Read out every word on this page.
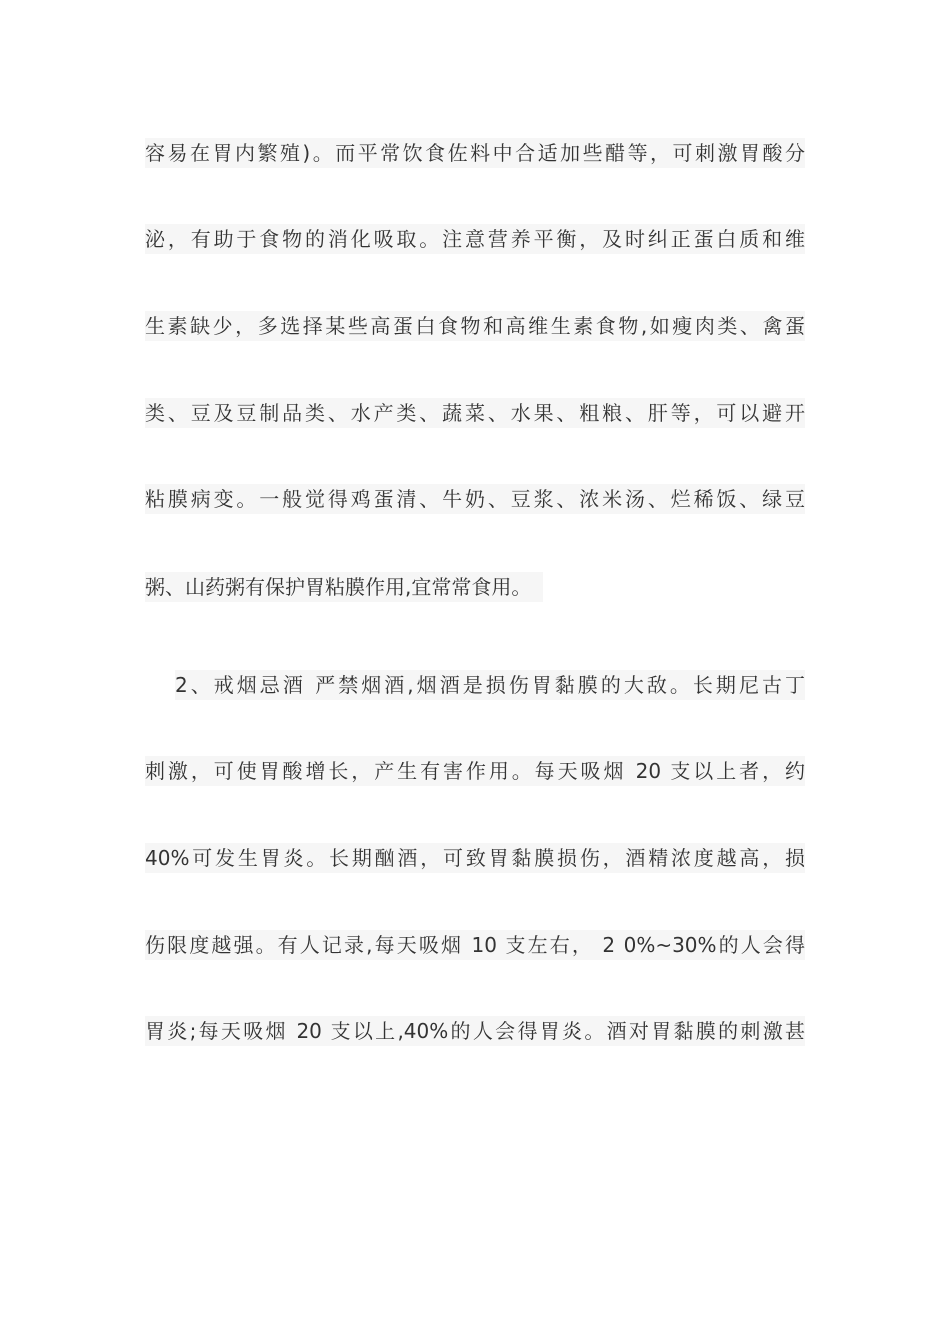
容易在胃内繁殖)。而平常饮食佐料中合适加些醋等，可刺激胃酸分
泌，有助于食物的消化吸取。注意营养平衡，及时纠正蛋白质和维
生素缺少，多选择某些高蛋白食物和高维生素食物,如瘦肉类、禽蛋
类、豆及豆制品类、水产类、蔬菜、水果、粗粮、肝等，可以避开
粘膜病变。一般觉得鸡蛋清、牛奶、豆浆、浓米汤、烂稀饭、绿豆
粥、山药粥有保护胃粘膜作用,宜常常食用。
2、戒烟忌酒 严禁烟酒,烟酒是损伤胃黏膜的大敌。长期尼古丁
刺激，可使胃酸增长，产生有害作用。每天吸烟 20 支以上者，约
40%可发生胃炎。长期酗酒，可致胃黏膜损伤，酒精浓度越高，损
伤限度越强。有人记录,每天吸烟 10 支左右， 2 0%~30%的人会得
胃炎;每天吸烟 20 支以上,40%的人会得胃炎。酒对胃黏膜的刺激甚
